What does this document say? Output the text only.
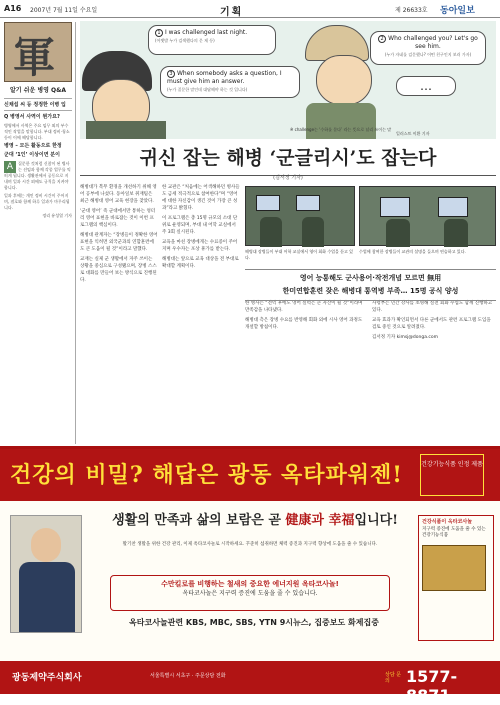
A16 2007년 7월 11일 수요일	기획	제 26633호 동아일보
軍
알기 쉬운 병영 Q&A
신채섭 씨 등 정정한 이병 입
Q 병영서 사역이 뭔가요?
병영에서 사역은 주요 임무 외의 부수적인 작업을 말합니다. 부대 정비·청소 등이 이에 해당합니다.
병영 – 모든 활동으로 한정
군대 ‘1인’ 이상이면 분이
A	질문한 것처럼 신참이 된 병사는 선임과 함께 각종 업무를 익히게 됩니다. 생활관에서 공동으로 지내며 일과 시간 외에도 규칙을 지켜야 합니다.
일과 후에는 개인 정비 시간이 주어지며, 점호와 함께 하루 일과가 마무리됩니다.
정리 유성열 기자
1 I was challenged last night.
(어젯밤 누가 검색했다의 문 제 등)	2 Who challenged you? Let's go see him.
(누가 자네를 검문했나? 어떤 친구인지 보러 가자)
3 When somebody asks a question, I must give him an answer.
(누가 질문한 말인데 대답해야 하는 것 입니다)	…
※ challenge는 ‘수하를 묻다’ 라는 뜻으로 널리 쓰이는 말
일러스트 이환 기자
귀신 잡는 해병 ‘군글리시’도 잡는다
(김서정 기자)

해병대가 복무 환경을 개선하기 위해 영어 공부에 나섰다. 동아일보 취재팀은 최근 해병대 영어 교육 현장을 찾았다.

‘군대 영어’ 즉 군대에서만 통하는 엉터리 영어 표현을 바로잡는 것이 이번 프로그램의 핵심이다.

해병대 관계자는 “장병들이 정확한 영어 표현을 익히면 외국군과의 연합훈련에도 큰 도움이 될 것”이라고 말했다.

교재는 실제 군 생활에서 자주 쓰이는 상황을 중심으로 구성됐으며, 장병 스스로 대화를 만들어 보는 방식으로 진행된다.

한 교관은 “처음에는 어색해하던 병사들도 금세 적극적으로 참여한다”며 “영어에 대한 자신감이 생긴 것이 가장 큰 성과”라고 밝혔다.

이 프로그램은 총 15명 규모의 소대 단위로 운영되며, 부대 내 어학 교실에서 주 3회 실시된다.

교육을 마친 장병에게는 수료증이 주어지며 우수자는 포상 휴가를 받는다.

해병대는 앞으로 교육 대상을 전 부대로 확대할 계획이다.

한 병사는 “전역 후에도 영어 실력은 큰 자산이 될 것”이라며 만족감을 나타냈다.

해병대 측은 장병 수요를 반영해 회화 외에 시사 영어 과정도 개설할 방침이다.

사령부는 민간 강사를 초빙해 실전 회화 수업도 함께 진행하고 있다.

교육 효과가 확인되면서 다른 군에서도 관련 프로그램 도입을 검토 중인 것으로 알려졌다.

김서정 기자 kimsj@donga.com

해병대 장병들이 부대 어학 교실에서 영어 회화 수업을 듣고 있다.
수업에 참여한 장병들이 교관의 설명을 들으며 연습하고 있다.
영어 능통해도 군사용어·작전개념 모르면 無用
한미연합훈련 잦은 해병대 통역병 부족… 15명 공식 양성
건강의 비밀? 해답은 광동 옥타파워젠!	건강기능식품 인정 제품
생활의 만족과 삶의 보람은 곧 健康과 幸福입니다!
활기찬 생활을 위한 건강 관리, 이제 옥타코사놀로 시작하세요. 꾸준히 섭취하면 체력 증진과 지구력 향상에 도움을 줄 수 있습니다.
수만킬로를 비행하는 철새의 중요한 에너지원 옥타코사놀!
옥타코사놀은 지구력 증진에 도움을 줄 수 있습니다.
건강식품이 옥타코사놀
지구력 증진에 도움을 줄 수 있는 건강기능식품
옥타코사놀관련 KBS, MBC, SBS, YTN 9시뉴스, 집중보도 화제집중
광동제약주식회사	서울특별시 서초구 · 주문상담 전화	상담 문의	1577-8871
